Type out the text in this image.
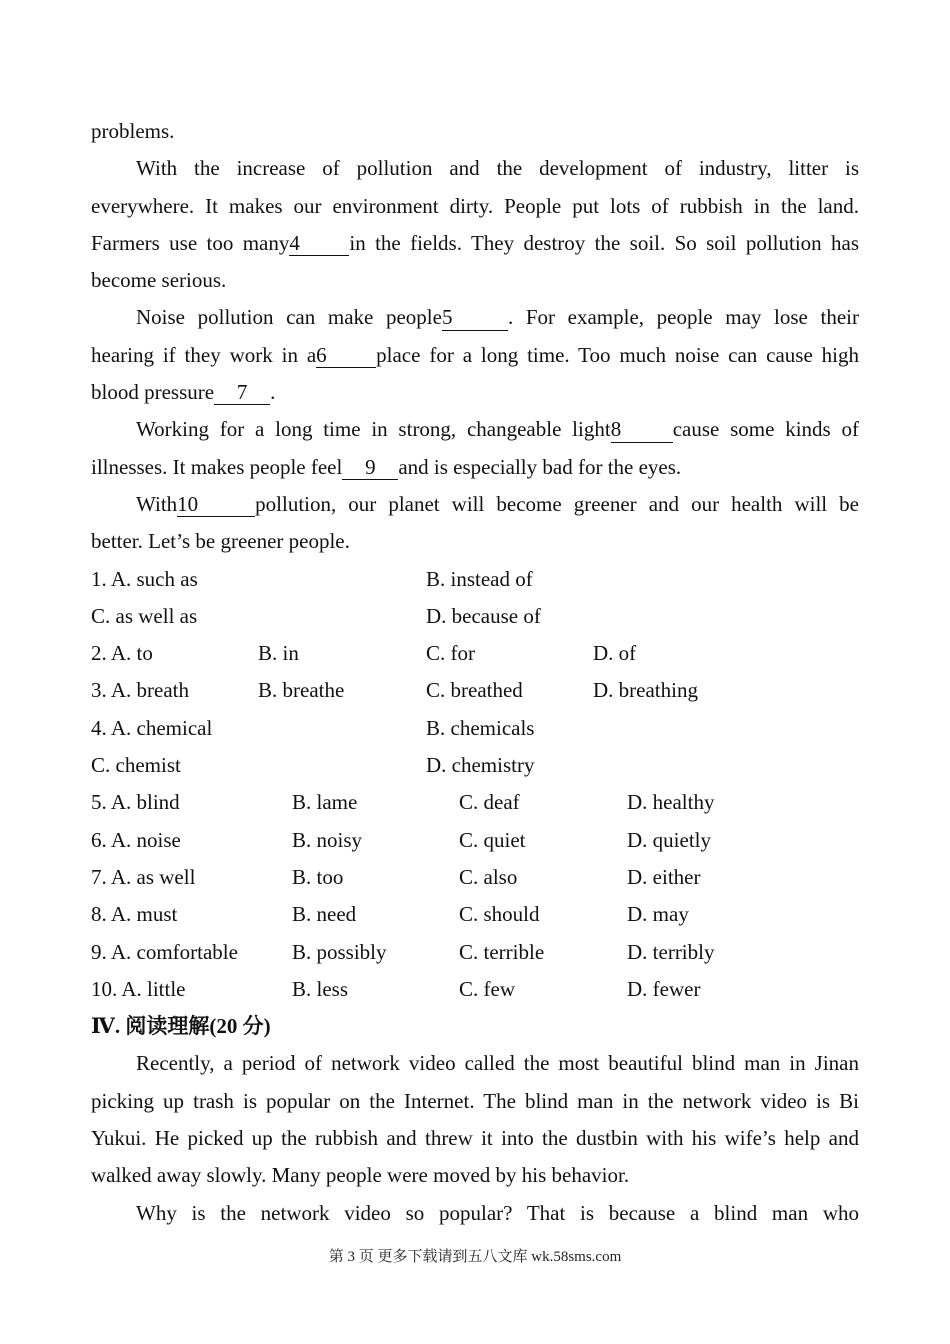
problems.
With the increase of pollution and the development of industry, litter is
everywhere. It makes our environment dirty. People put lots of rubbish in the land.
Farmers use too many4 in the fields. They destroy the soil. So soil pollution has
become serious.
Noise pollution can make people5	. For example, people may lose their
hearing if they work in a6 place for a long time. Too much noise can cause high
blood pressure 7 .
Working for a long time in strong, changeable light8 cause some kinds of
illnesses. It makes people feel 9 and is especially bad for the eyes.
With10	pollution, our planet will become greener and our health will be
better. Let’s be greener people.
1. A. such as	B. instead of
C. as well as	D. because of
2. A. to	B. in	C. for	D. of
3. A. breath	B. breathe	C. breathed	D. breathing
4. A. chemical	B. chemicals
C. chemist	D. chemistry
5. A. blind	B. lame	C. deaf	D. healthy
6. A. noise	B. noisy	C. quiet	D. quietly
7. A. as well	B. too	C. also	D. either
8. A. must	B. need	C. should	D. may
9. A. comfortable	B. possibly	C. terrible	D. terribly
10. A. little	B. less	C. few	D. fewer
Ⅳ. 阅读理解(20 分)
Recently, a period of network video called the most beautiful blind man in Jinan
picking up trash is popular on the Internet. The blind man in the network video is Bi
Yukui. He picked up the rubbish and threw it into the dustbin with his wife’s help and
walked away slowly. Many people were moved by his behavior.
Why is the network video so popular? That is because a blind man who
第 3 页 更多下载请到五八文库 wk.58sms.com
